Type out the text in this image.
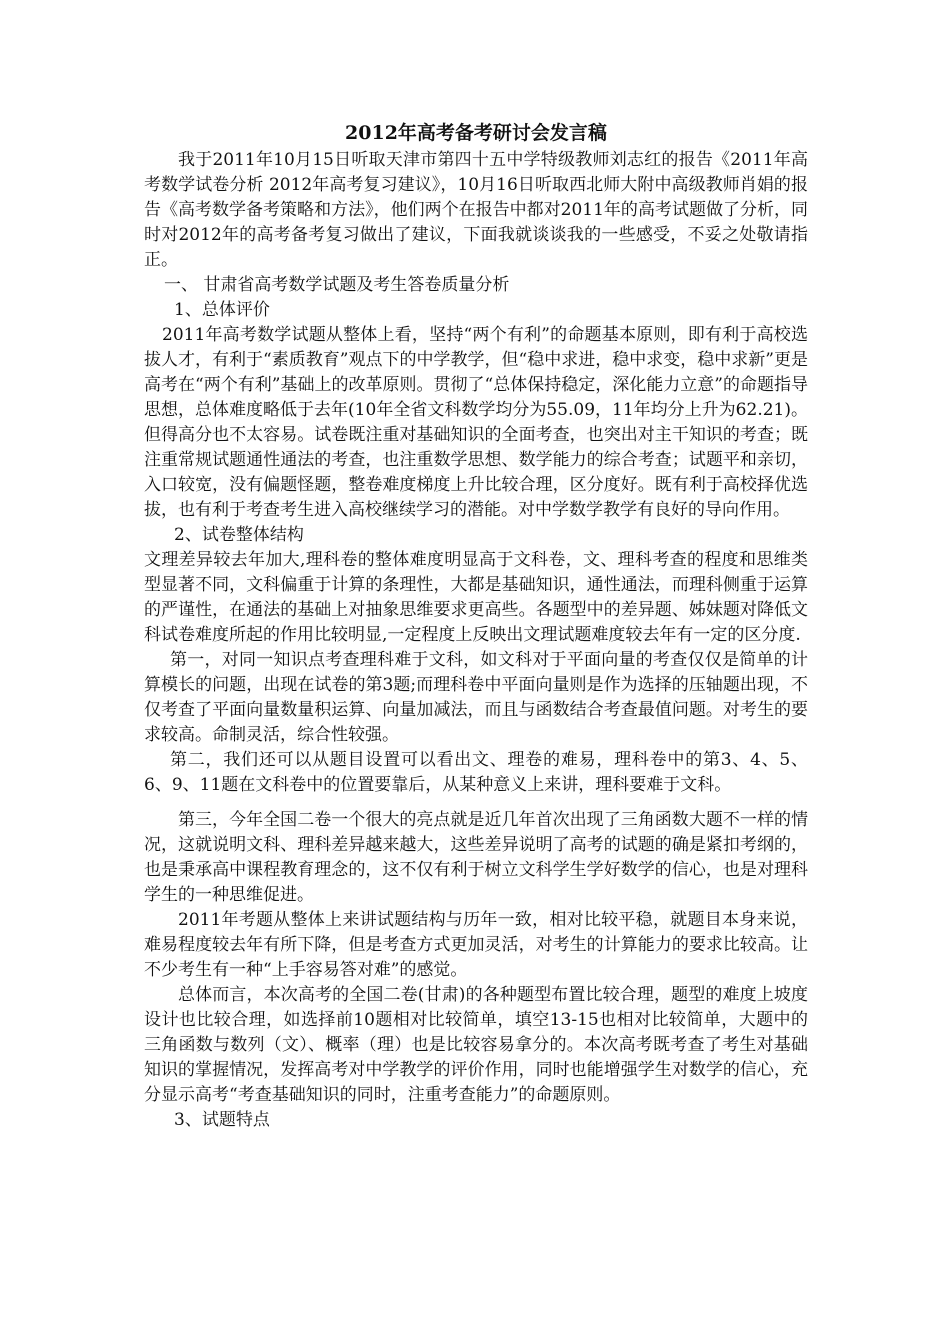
2012年高考备考研讨会发言稿

我于2011年10月15日听取天津市第四十五中学特级教师刘志红的报告《2011年高考数学试卷分析 2012年高考复习建议》，10月16日听取西北师大附中高级教师肖娟的报告《高考数学备考策略和方法》，他们两个在报告中都对2011年的高考试题做了分析，同时对2012年的高考备考复习做出了建议，下面我就谈谈我的一些感受，不妥之处敬请指正。

一、 甘肃省高考数学试题及考生答卷质量分析

1、总体评价

2011年高考数学试题从整体上看，坚持“两个有利”的命题基本原则，即有利于高校选拔人才，有利于“素质教育”观点下的中学教学，但“稳中求进，稳中求变，稳中求新”更是高考在“两个有利”基础上的改革原则。贯彻了“总体保持稳定，深化能力立意”的命题指导思想，总体难度略低于去年(10年全省文科数学均分为55.09，11年均分上升为62.21)。但得高分也不太容易。试卷既注重对基础知识的全面考查，也突出对主干知识的考查；既注重常规试题通性通法的考查，也注重数学思想、数学能力的综合考查；试题平和亲切，入口较宽，没有偏题怪题，整卷难度梯度上升比较合理，区分度好。既有利于高校择优选拔，也有利于考查考生进入高校继续学习的潜能。对中学数学教学有良好的导向作用。

2、试卷整体结构

文理差异较去年加大,理科卷的整体难度明显高于文科卷，文、理科考查的程度和思维类型显著不同，文科偏重于计算的条理性，大都是基础知识，通性通法，而理科侧重于运算的严谨性，在通法的基础上对抽象思维要求更高些。各题型中的差异题、姊妹题对降低文科试卷难度所起的作用比较明显,一定程度上反映出文理试题难度较去年有一定的区分度.

第一，对同一知识点考查理科难于文科，如文科对于平面向量的考查仅仅是简单的计算模长的问题，出现在试卷的第3题;而理科卷中平面向量则是作为选择的压轴题出现，不仅考查了平面向量数量积运算、向量加减法，而且与函数结合考查最值问题。对考生的要求较高。命制灵活，综合性较强。

第二，我们还可以从题目设置可以看出文、理卷的难易，理科卷中的第3、4、5、6、9、11题在文科卷中的位置要靠后，从某种意义上来讲，理科要难于文科。

第三，今年全国二卷一个很大的亮点就是近几年首次出现了三角函数大题不一样的情况，这就说明文科、理科差异越来越大，这些差异说明了高考的试题的确是紧扣考纲的，也是秉承高中课程教育理念的，这不仅有利于树立文科学生学好数学的信心，也是对理科学生的一种思维促进。

2011年考题从整体上来讲试题结构与历年一致，相对比较平稳，就题目本身来说，难易程度较去年有所下降，但是考查方式更加灵活，对考生的计算能力的要求比较高。让不少考生有一种“上手容易答对难”的感觉。

总体而言，本次高考的全国二卷(甘肃)的各种题型布置比较合理，题型的难度上坡度设计也比较合理，如选择前10题相对比较简单，填空13-15也相对比较简单，大题中的三角函数与数列（文）、概率（理）也是比较容易拿分的。本次高考既考查了考生对基础知识的掌握情况，发挥高考对中学教学的评价作用，同时也能增强学生对数学的信心，充分显示高考“考查基础知识的同时，注重考查能力”的命题原则。

3、试题特点
